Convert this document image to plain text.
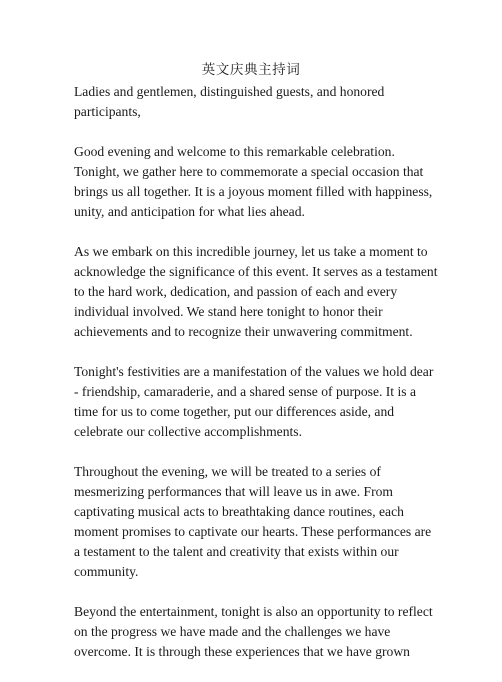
英文庆典主持词

Ladies and gentlemen, distinguished guests, and honored participants,

Good evening and welcome to this remarkable celebration. Tonight, we gather here to commemorate a special occasion that brings us all together. It is a joyous moment filled with happiness, unity, and anticipation for what lies ahead.

As we embark on this incredible journey, let us take a moment to acknowledge the significance of this event. It serves as a testament to the hard work, dedication, and passion of each and every individual involved. We stand here tonight to honor their achievements and to recognize their unwavering commitment.

Tonight's festivities are a manifestation of the values we hold dear - friendship, camaraderie, and a shared sense of purpose. It is a time for us to come together, put our differences aside, and celebrate our collective accomplishments.

Throughout the evening, we will be treated to a series of mesmerizing performances that will leave us in awe. From captivating musical acts to breathtaking dance routines, each moment promises to captivate our hearts. These performances are a testament to the talent and creativity that exists within our community.

Beyond the entertainment, tonight is also an opportunity to reflect on the progress we have made and the challenges we have overcome. It is through these experiences that we have grown
